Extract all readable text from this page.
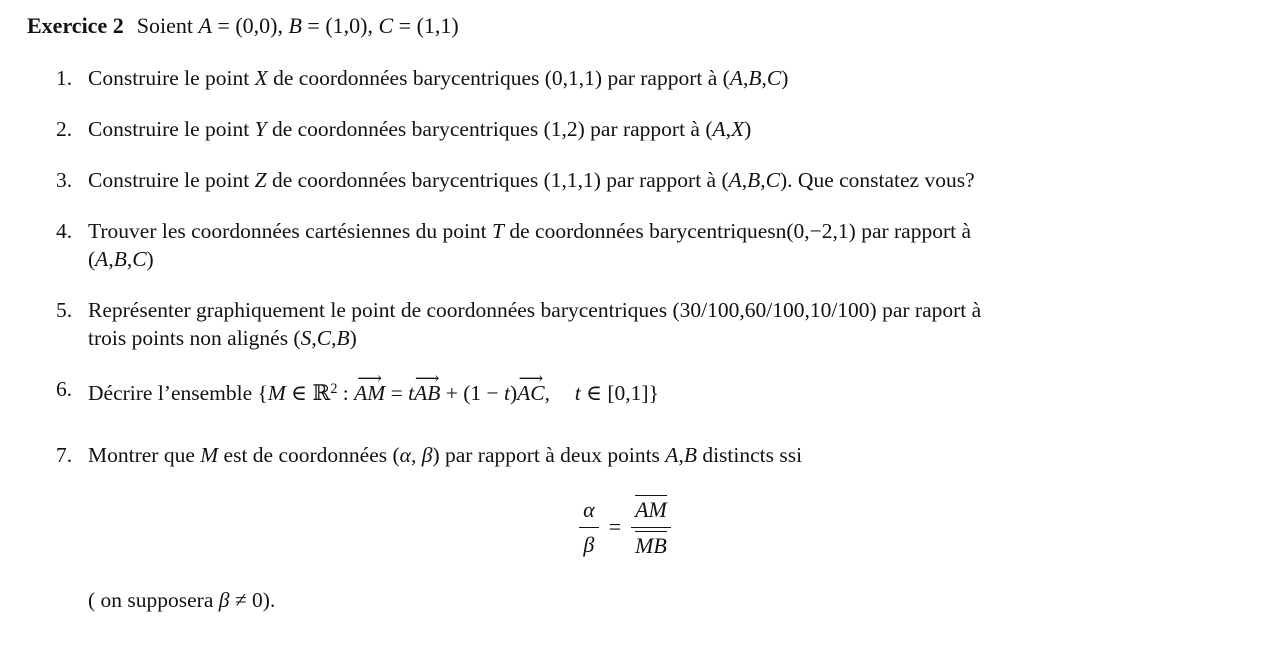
Exercice 2 Soient A = (0,0), B = (1,0), C = (1,1)
1. Construire le point X de coordonnées barycentriques (0,1,1) par rapport à (A,B,C)
2. Construire le point Y de coordonnées barycentriques (1,2) par rapport à (A,X)
3. Construire le point Z de coordonnées barycentriques (1,1,1) par rapport à (A,B,C). Que constatez vous?
4. Trouver les coordonnées cartésiennes du point T de coordonnées barycentriquesn(0,−2,1) par rapport à
(A,B,C)
5. Représenter graphiquement le point de coordonnées barycentriques (30/100,60/100,10/100) par raport à
trois points non alignés (S,C,B)
6. Décrire l’ensemble {M ∈ ℝ$^2$ : ⟶ AM = t⟶ AB + (1 − t)⟶ AC, t ∈ [0,1]}
7. Montrer que M est de coordonnées (α, β) par rapport à deux points A,B distincts ssi
$\frac{\alpha}{\beta} = \frac{AM}{MB}$
( on supposera β ≠ 0).
